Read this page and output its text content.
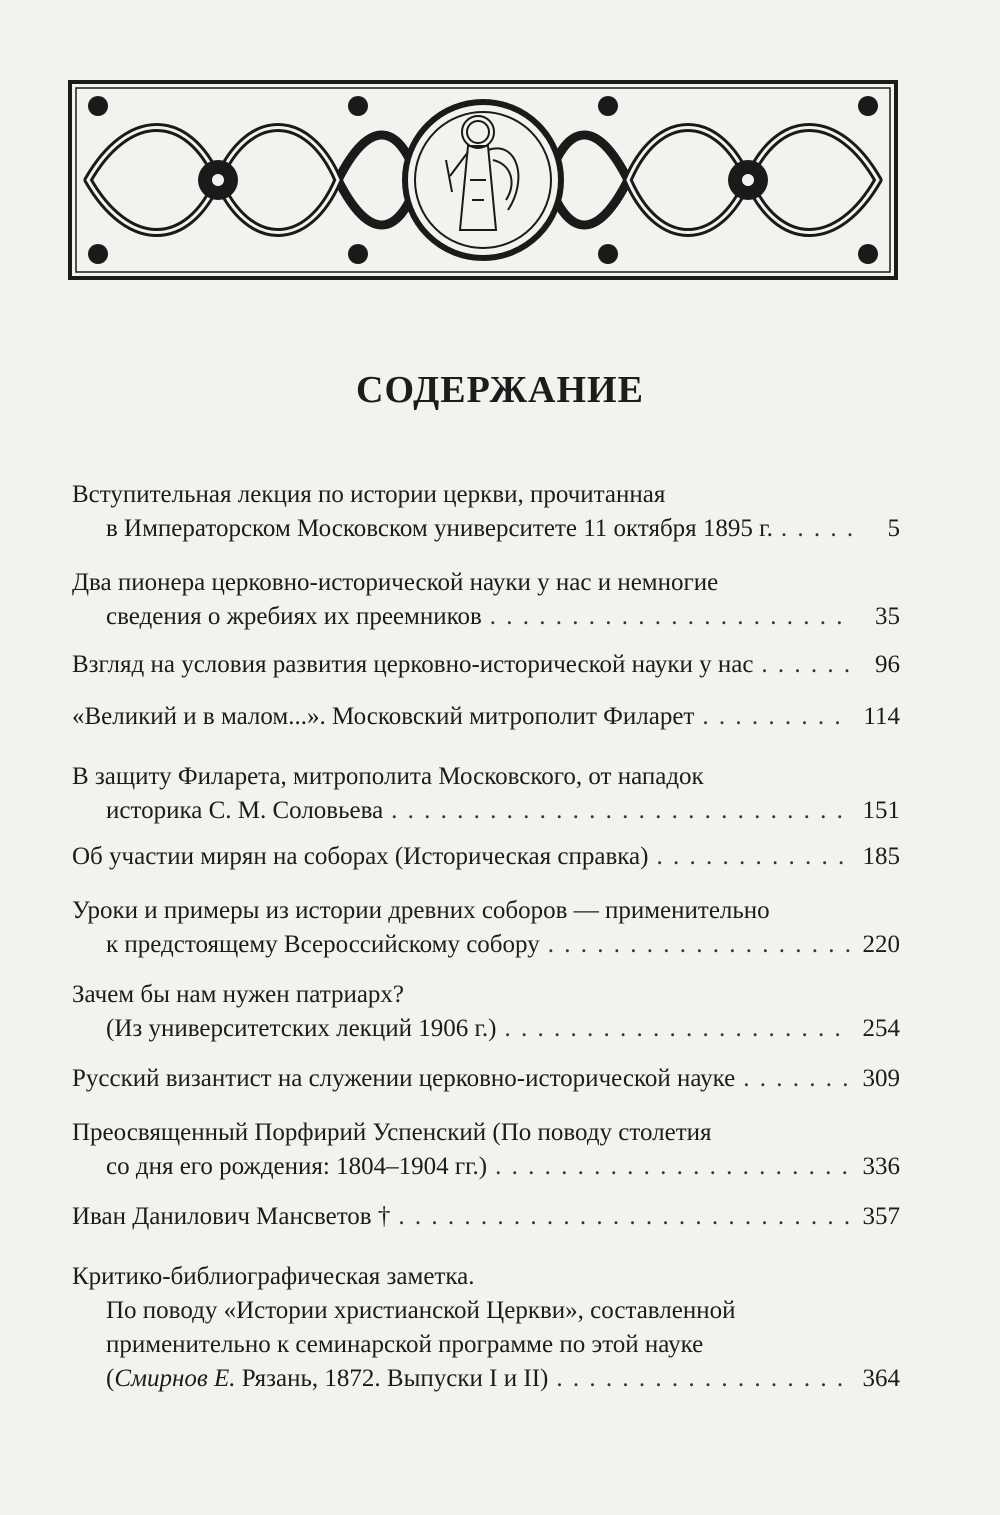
СОДЕРЖАНИЕ
Вступительная лекция по истории церкви, прочитанная
в Императорском Московском университете 11 октября 1895 г. . . .	5
Два пионера церковно-исторической науки у нас и немногие
сведения о жребиях их преемников . . .	35
Взгляд на условия развития церковно-исторической науки у нас . . .	96
«Великий и в малом...». Московский митрополит Филарет . . .	114
В защиту Филарета, митрополита Московского, от нападок
историка С. М. Соловьева . . .	151
Об участии мирян на соборах (Историческая справка) . . .	185
Уроки и примеры из истории древних соборов — применительно
к предстоящему Всероссийскому собору . . .	220
Зачем бы нам нужен патриарх?
(Из университетских лекций 1906 г.) . . .	254
Русский византист на служении церковно-исторической науке . . .	309
Преосвященный Порфирий Успенский (По поводу столетия
со дня его рождения: 1804–1904 гг.) . . .	336
Иван Данилович Мансветов † . . .	357
Критико-библиографическая заметка.
По поводу «Истории христианской Церкви», составленной
применительно к семинарской программе по этой науке
(Смирнов Е. Рязань, 1872. Выпуски I и II) . . .	364
